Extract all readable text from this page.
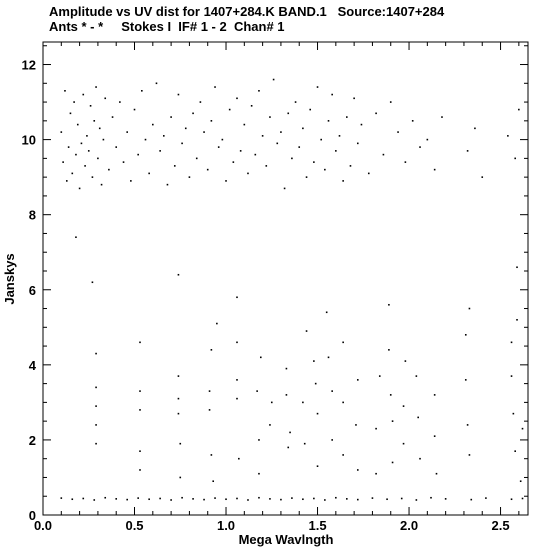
Amplitude vs UV dist for 1407+284.K BAND.1   Source:1407+284
Ants * - *     Stokes I  IF# 1 - 2  Chan# 1
0.0	0.5	1.0	1.5	2.0	2.5
0
2
4
6
8
10
12
Mega Wavlngth
Janskys
